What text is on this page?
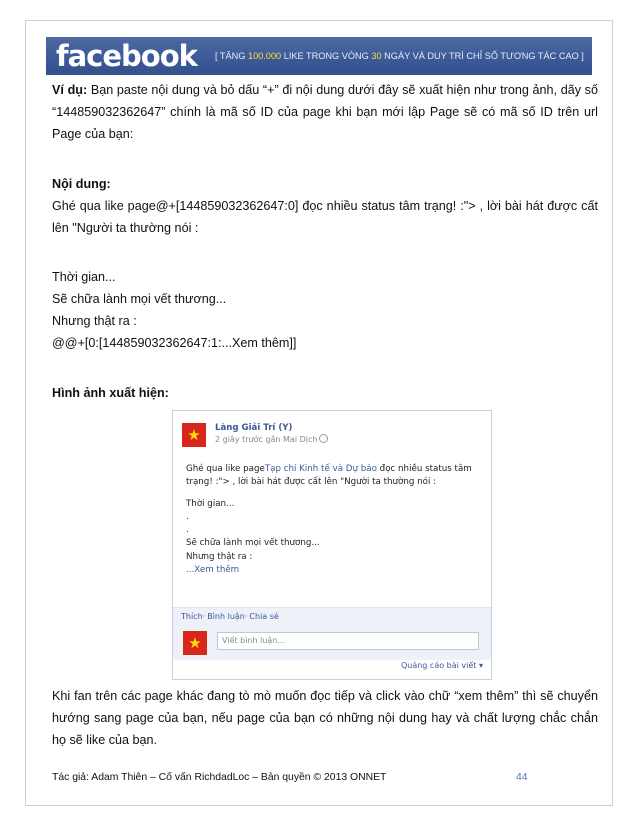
facebook [ TĂNG 100.000 LIKE TRONG VÒNG 30 NGÀY VÀ DUY TRÌ CHỈ SỐ TƯƠNG TÁC CAO ]
Ví dụ: Bạn paste nội dung và bỏ dấu “+” đi nội dung dưới đây sẽ xuất hiện như trong ảnh, dãy số “144859032362647” chính là mã số ID của page khi bạn mới lập Page sẽ có mã số ID trên url Page của bạn:
Nội dung:
Ghé qua like page@+[144859032362647:0] đọc nhiều status tâm trạng! :"> , lời bài hát được cất lên "Người ta thường nói :
Thời gian...
Sẽ chữa lành mọi vết thương...
Nhưng thật ra :
@@+[0:[144859032362647:1:...Xem thêm]]
Hình ảnh xuất hiện:
★	Làng Giải Trí (Y)
2 giây trước gần Mai Dịch
Ghé qua like pageTạp chí Kinh tế và Dự báo đọc nhiều status tâm trạng! :"> , lời bài hát được cất lên "Người ta thường nói :
Thời gian...
.
.
Sẽ chữa lành mọi vết thương...
Nhưng thật ra :
...Xem thêm
Thích· Bình luận· Chia sẻ
★	Viết bình luận...
Quảng cáo bài viết ▾
Khi fan trên các page khác đang tò mò muốn đọc tiếp và click vào chữ “xem thêm” thì sẽ chuyển hướng sang page của bạn, nếu page của bạn có những nội dung hay và chất lượng chắc chắn họ sẽ like của bạn.
Tác giả: Adam Thiên – Cố vấn RichdadLoc – Bản quyền © 2013 ONNET	44
